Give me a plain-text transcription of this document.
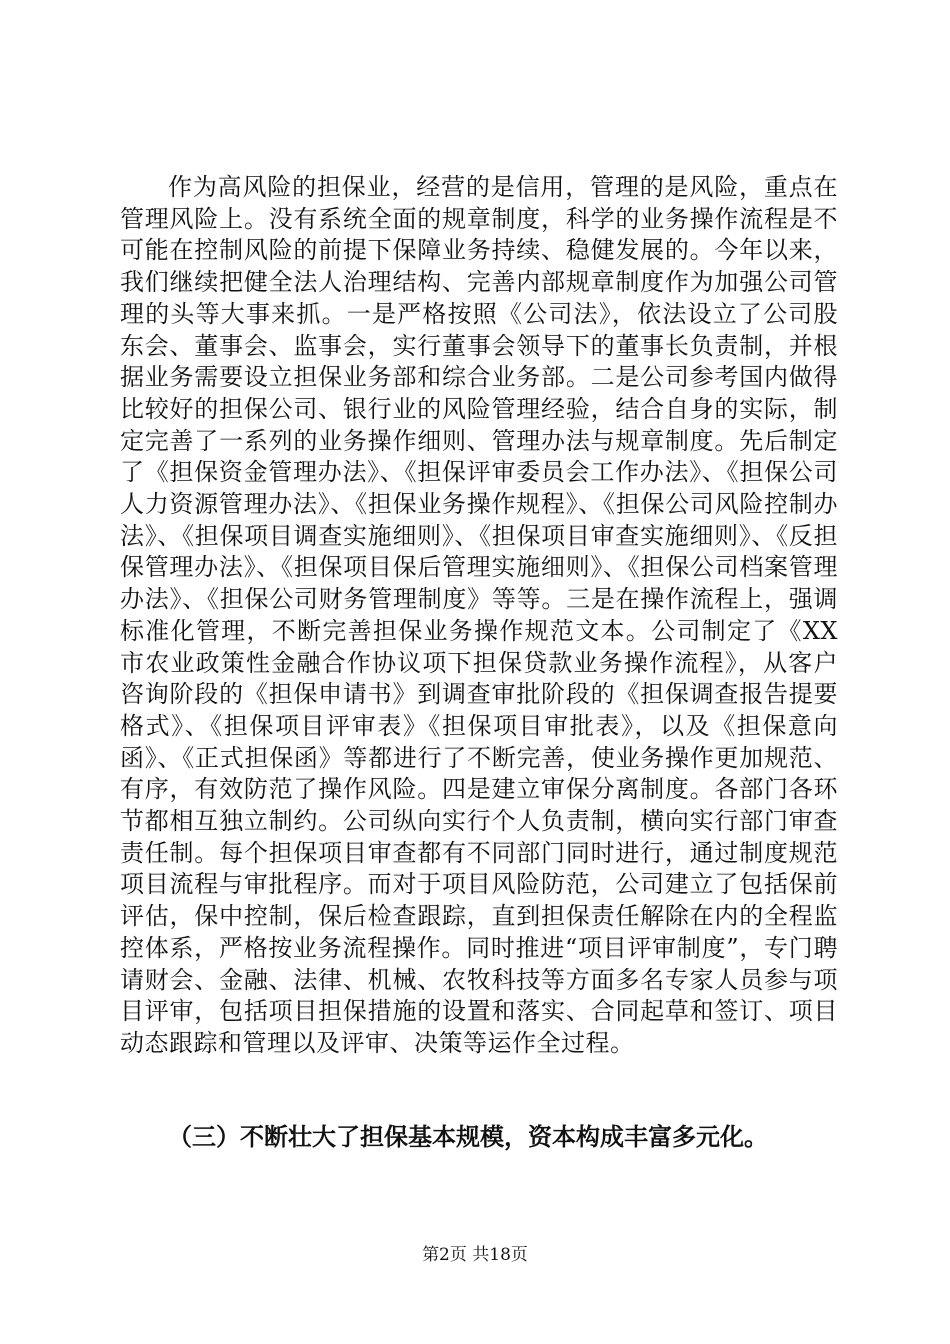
作为高风险的担保业，经营的是信用，管理的是风险，重点在管理风险上。没有系统全面的规章制度，科学的业务操作流程是不可能在控制风险的前提下保障业务持续、稳健发展的。今年以来，我们继续把健全法人治理结构、完善内部规章制度作为加强公司管理的头等大事来抓。一是严格按照《公司法》，依法设立了公司股东会、董事会、监事会，实行董事会领导下的董事长负责制，并根据业务需要设立担保业务部和综合业务部。二是公司参考国内做得比较好的担保公司、银行业的风险管理经验，结合自身的实际，制定完善了一系列的业务操作细则、管理办法与规章制度。先后制定了《担保资金管理办法》、《担保评审委员会工作办法》、《担保公司人力资源管理办法》、《担保业务操作规程》、《担保公司风险控制办法》、《担保项目调查实施细则》、《担保项目审查实施细则》、《反担保管理办法》、《担保项目保后管理实施细则》、《担保公司档案管理办法》、《担保公司财务管理制度》等等。三是在操作流程上，强调标准化管理，不断完善担保业务操作规范文本。公司制定了《XX市农业政策性金融合作协议项下担保贷款业务操作流程》，从客户咨询阶段的《担保申请书》到调查审批阶段的《担保调查报告提要格式》、《担保项目评审表》《担保项目审批表》，以及《担保意向函》、《正式担保函》等都进行了不断完善，使业务操作更加规范、有序，有效防范了操作风险。四是建立审保分离制度。各部门各环节都相互独立制约。公司纵向实行个人负责制，横向实行部门审查责任制。每个担保项目审查都有不同部门同时进行，通过制度规范项目流程与审批程序。而对于项目风险防范，公司建立了包括保前评估，保中控制，保后检查跟踪，直到担保责任解除在内的全程监控体系，严格按业务流程操作。同时推进“项目评审制度”，专门聘请财会、金融、法律、机械、农牧科技等方面多名专家人员参与项目评审，包括项目担保措施的设置和落实、合同起草和签订、项目动态跟踪和管理以及评审、决策等运作全过程。

（三）不断壮大了担保基本规模，资本构成丰富多元化。

第2页 共18页
